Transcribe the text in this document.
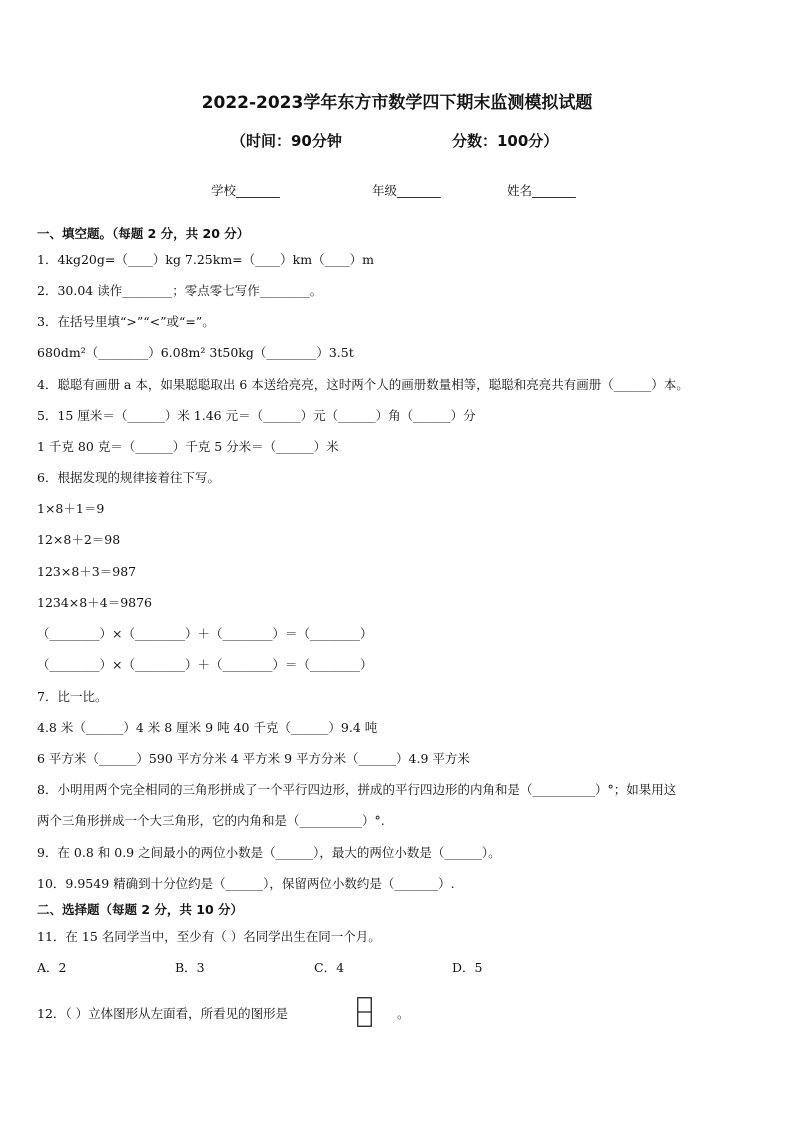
2022-2023学年东方市数学四下期末监测模拟试题
（时间：90分钟	分数：100分）
学校_______	年级_______	姓名_______
一、填空题。（每题 2 分，共 20 分）
1．4kg20g=（____）kg 7.25km=（____）km（____）m
2．30.04 读作________；零点零七写作________。
3．在括号里填“>”“<”或“=”。
680dm²（________）6.08m² 3t50kg（________）3.5t
4．聪聪有画册 a 本，如果聪聪取出 6 本送给亮亮，这时两个人的画册数量相等，聪聪和亮亮共有画册（______）本。
5．15 厘米＝（______）米 1.46 元＝（______）元（______）角（______）分
1 千克 80 克＝（______）千克 5 分米＝（______）米
6．根据发现的规律接着往下写。
1×8＋1＝9
12×8＋2＝98
123×8＋3＝987
1234×8＋4＝9876
（________）×（________）＋（________）＝（________）
（________）×（________）＋（________）＝（________）
7．比一比。
4.8 米（______）4 米 8 厘米 9 吨 40 千克（______）9.4 吨
6 平方米（______）590 平方分米 4 平方米 9 平方分米（______）4.9 平方米
8．小明用两个完全相同的三角形拼成了一个平行四边形，拼成的平行四边形的内角和是（__________）°；如果用这
两个三角形拼成一个大三角形，它的内角和是（__________）°.
9．在 0.8 和 0.9 之间最小的两位小数是（______），最大的两位小数是（______）。
10．9.9549 精确到十分位约是（______），保留两位小数约是（_______）.
二、选择题（每题 2 分，共 10 分）
11．在 15 名同学当中，至少有（ ）名同学出生在同一个月。
A．2	B．3	C．4	D．5
12．（ ）立体图形从左面看，所看见的图形是	。
